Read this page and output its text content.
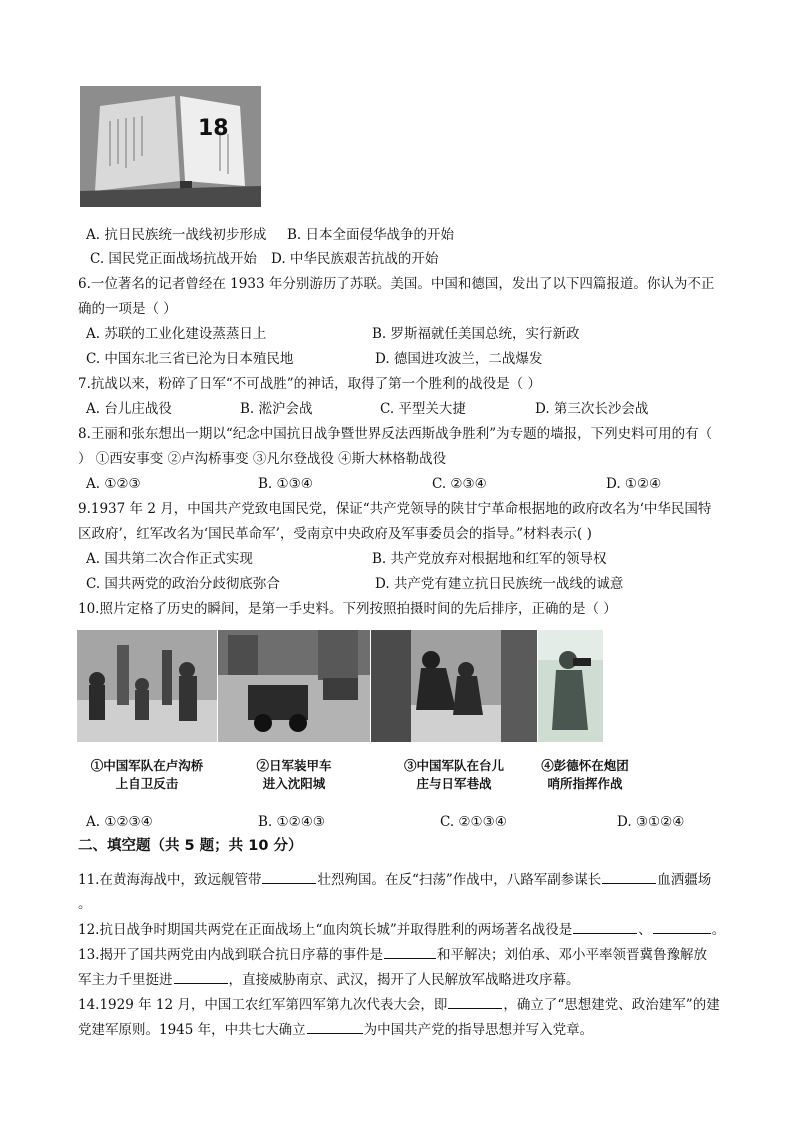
18
A. 抗日民族统一战线初步形成 B. 日本全面侵华战争的开始
C. 国民党正面战场抗战开始 D. 中华民族艰苦抗战的开始
6.一位著名的记者曾经在 1933 年分别游历了苏联。美国。中国和德国，发出了以下四篇报道。你认为不正
确的一项是（ ）
A. 苏联的工业化建设蒸蒸日上	B. 罗斯福就任美国总统，实行新政
C. 中国东北三省已沦为日本殖民地	D. 德国进攻波兰，二战爆发
7.抗战以来，粉碎了日军“不可战胜”的神话，取得了第一个胜利的战役是（ ）
A. 台儿庄战役	B. 淞沪会战	C. 平型关大捷	D. 第三次长沙会战
8.王丽和张东想出一期以“纪念中国抗日战争暨世界反法西斯战争胜利”为专题的墙报，下列史料可用的有（
） ①西安事变 ②卢沟桥事变 ③凡尔登战役 ④斯大林格勒战役
A. ①②③	B. ①③④	C. ②③④	D. ①②④
9.1937 年 2 月，中国共产党致电国民党，保证“共产党领导的陕甘宁革命根据地的政府改名为‘中华民国特
区政府’，红军改名为‘国民革命军’，受南京中央政府及军事委员会的指导。”材料表示( )
A. 国共第二次合作正式实现	B. 共产党放弃对根据地和红军的领导权
C. 国共两党的政治分歧彻底弥合	D. 共产党有建立抗日民族统一战线的诚意
10.照片定格了历史的瞬间，是第一手史料。下列按照拍摄时间的先后排序，正确的是（ ）
①中国军队在卢沟桥
上自卫反击
②日军装甲车
进入沈阳城
③中国军队在台儿
庄与日军巷战
④彭德怀在炮团
哨所指挥作战
A. ①②③④	B. ①②④③	C. ②①③④	D. ③①②④
二、填空题（共 5 题；共 10 分）
11.在黄海海战中，致远舰管带	壮烈殉国。在反“扫荡”作战中，八路军副参谋长	血洒疆场
。
12.抗日战争时期国共两党在正面战场上“血肉筑长城”并取得胜利的两场著名战役是	、	。
13.揭开了国共两党由内战到联合抗日序幕的事件是	和平解决；刘伯承、邓小平率领晋冀鲁豫解放
军主力千里挺进	，直接威胁南京、武汉，揭开了人民解放军战略进攻序幕。
14.1929 年 12 月，中国工农红军第四军第九次代表大会，即	，确立了“思想建党、政治建军”的建
党建军原则。1945 年，中共七大确立	为中国共产党的指导思想并写入党章。
